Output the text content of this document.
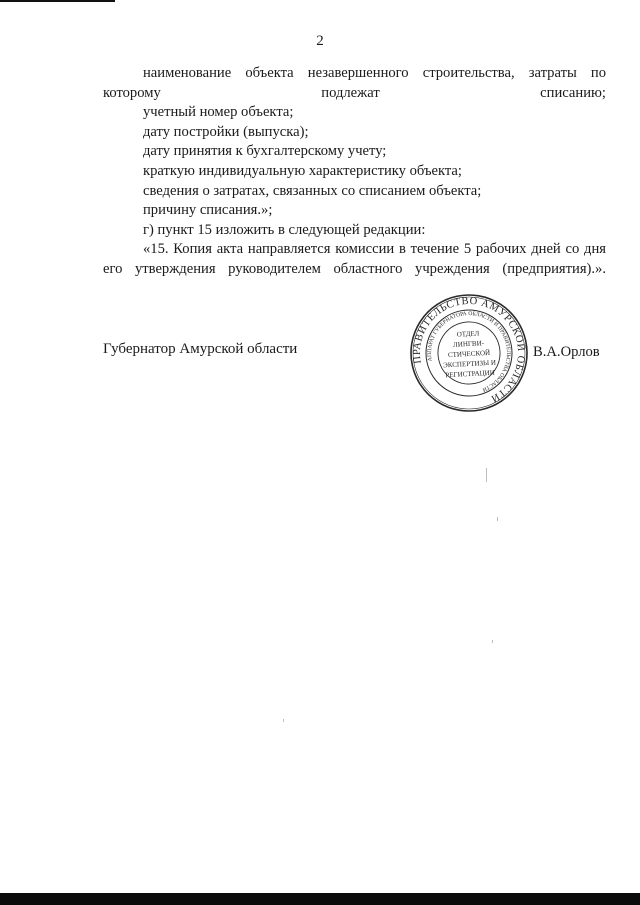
2

наименование объекта незавершенного строительства, затраты по которому подлежат списанию;

учетный номер объекта;

дату постройки (выпуска);

дату принятия к бухгалтерскому учету;

краткую индивидуальную характеристику объекта;

сведения о затратах, связанных со списанием объекта;

причину списания.»;

г) пункт 15 изложить в следующей редакции:

«15. Копия акта направляется комиссии в течение 5 рабочих дней со дня его утверждения руководителем областного учреждения (предприятия).».

Губернатор Амурской области	В.А.Орлов
ПРАВИТЕЛЬСТВО АМУРСКОЙ ОБЛАСТИ
АППАРАТ ГУБЕРНАТОРА ОБЛАСТИ И ПРАВИТЕЛЬСТВА ОБЛАСТИ
ОТДЕЛ
ЛИНГВИ-
СТИЧЕСКОЙ
ЭКСПЕРТИЗЫ И
РЕГИСТРАЦИИ
